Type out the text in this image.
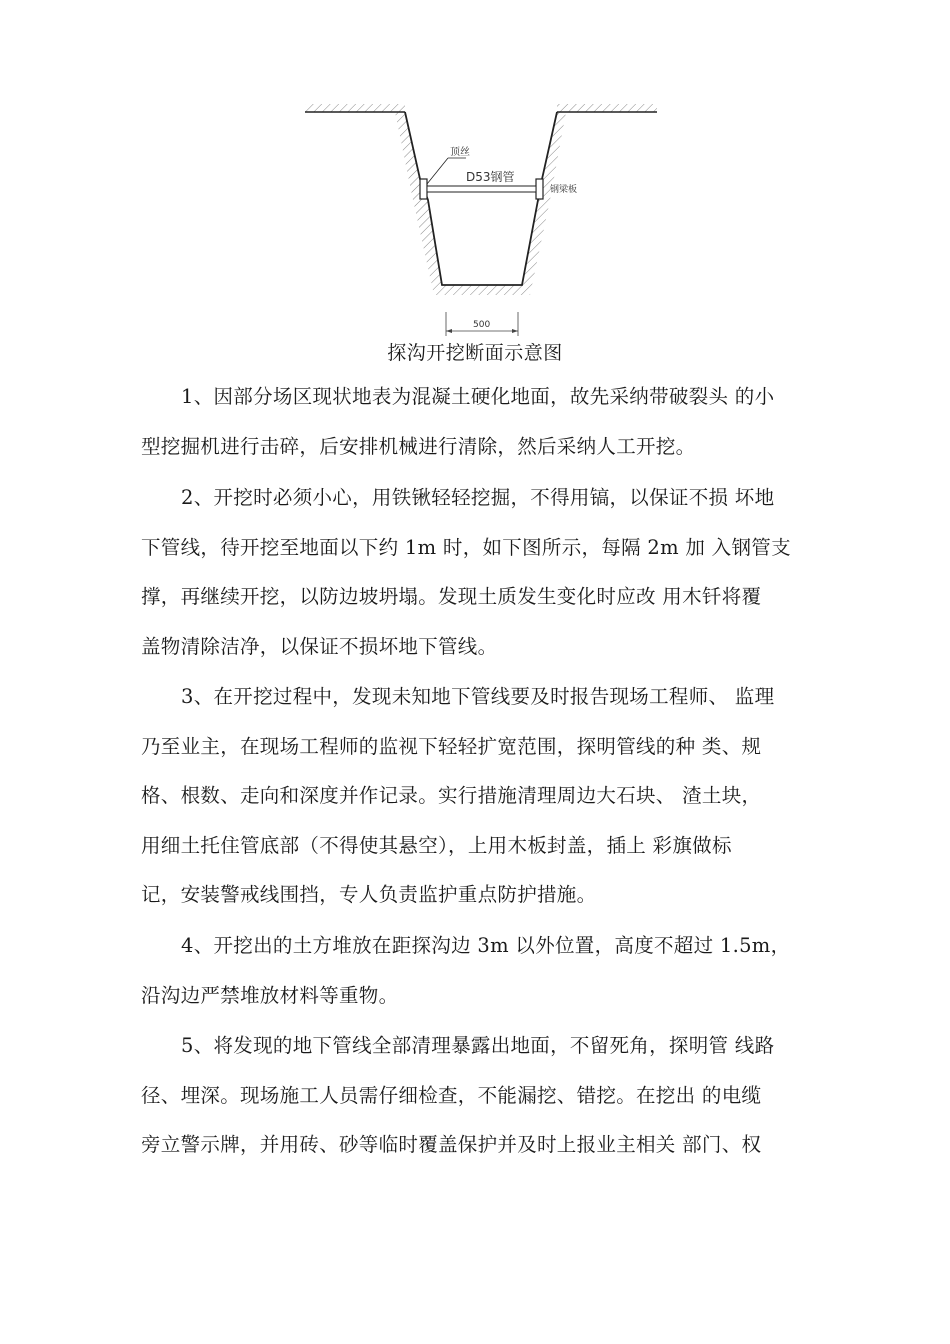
顶丝
D53钢管
钢梁板
500
探沟开挖断面示意图
1、因部分场区现状地表为混凝土硬化地面，故先采纳带破裂头 的小
型挖掘机进行击碎，后安排机械进行清除，然后采纳人工开挖。
2、开挖时必须小心，用铁锹轻轻挖掘，不得用镐，以保证不损 坏地
下管线，待开挖至地面以下约 1m 时，如下图所示，每隔 2m 加 入钢管支
撑，再继续开挖，以防边坡坍塌。发现土质发生变化时应改 用木钎将覆
盖物清除洁净，以保证不损坏地下管线。
3、在开挖过程中，发现未知地下管线要及时报告现场工程师、 监理
乃至业主，在现场工程师的监视下轻轻扩宽范围，探明管线的种 类、规
格、根数、走向和深度并作记录。实行措施清理周边大石块、 渣土块，
用细土托住管底部（不得使其悬空），上用木板封盖，插上 彩旗做标
记，安装警戒线围挡，专人负责监护重点防护措施。
4、开挖出的土方堆放在距探沟边 3m 以外位置，高度不超过 1.5m，
沿沟边严禁堆放材料等重物。
5、将发现的地下管线全部清理暴露出地面，不留死角，探明管 线路
径、埋深。现场施工人员需仔细检查，不能漏挖、错挖。在挖出 的电缆
旁立警示牌，并用砖、砂等临时覆盖保护并及时上报业主相关 部门、权
